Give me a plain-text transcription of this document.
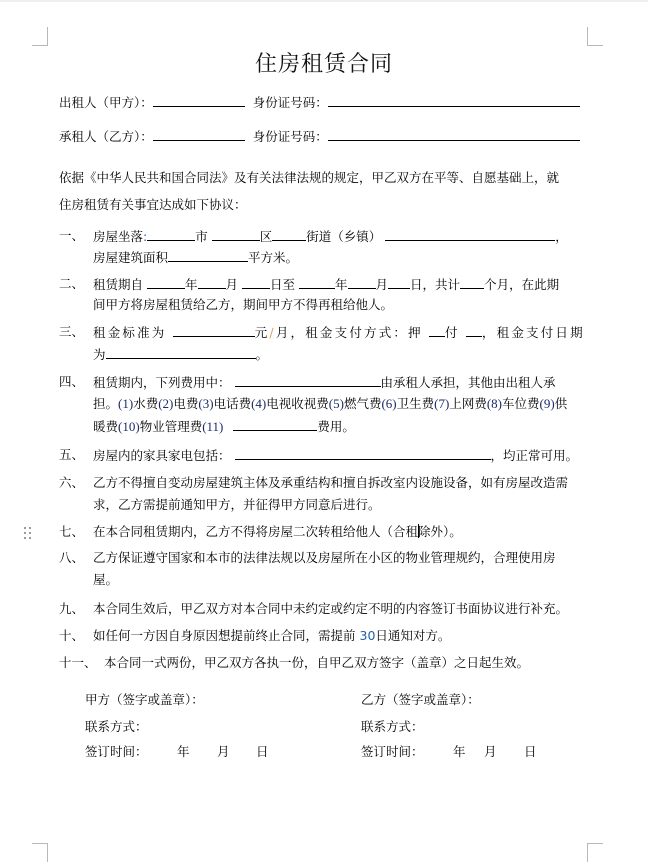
住房租赁合同
出租人（甲方）：	身份证号码：
承租人（乙方）：	身份证号码：
依据《中华人民共和国合同法》及有关法律法规的规定，甲乙双方在平等、自愿基础上，就
住房租赁有关事宜达成如下协议：
一、 房屋坐落:	市	区	街道（乡镇）	，
房屋建筑面积	平方米。
二、 租赁期自	年 月	日至	年 月 日，共计 个月，在此期
间甲方将房屋租赁给乙方，期间甲方不得再租给他人。
三、 租金标准为	元/月，租金支付方式：押 付 ，租金支付日期
为	。
四、 租赁期内，下列费用中：	由承租人承担，其他由出租人承
担。(1)水费(2)电费(3)电话费(4)电视收视费(5)燃气费(6)卫生费(7)上网费(8)车位费(9)供
暖费(10)物业管理费(11)	费用。
五、 房屋内的家具家电包括：	，均正常可用。
六、 乙方不得擅自变动房屋建筑主体及承重结构和擅自拆改室内设施设备，如有房屋改造需
求，乙方需提前通知甲方，并征得甲方同意后进行。
七、 在本合同租赁期内，乙方不得将房屋二次转租给他人（合租除外）。
八、 乙方保证遵守国家和本市的法律法规以及房屋所在小区的物业管理规约，合理使用房
屋。
九、 本合同生效后，甲乙双方对本合同中未约定或约定不明的内容签订书面协议进行补充。
十、 如任何一方因自身原因想提前终止合同，需提前 30日通知对方。
十一、 本合同一式两份，甲乙双方各执一份，自甲乙双方签字（盖章）之日起生效。
甲方（签字或盖章）：	乙方（签字或盖章）：
联系方式：	联系方式：
签订时间： 年 月 日	签订时间： 年 月 日
